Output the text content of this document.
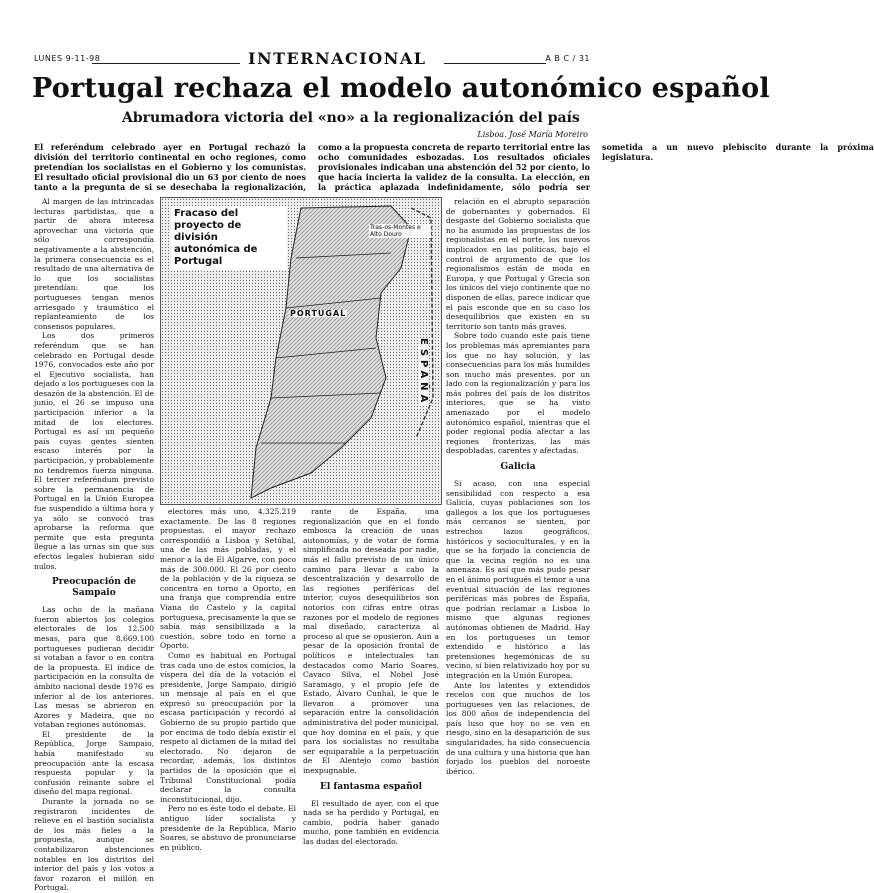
LUNES 9-11-98	INTERNACIONAL	A B C / 31
Portugal rechaza el modelo autonómico español
Abrumadora victoria del «no» a la regionalización del país
Lisboa. José María Moreiro
El referéndum celebrado ayer en Portugal rechazó la división del territorio continental en ocho regiones, como pretendían los socialistas en el Gobierno y los comunistas. El resultado oficial provisional dio un 63 por ciento de noes tanto a la pregunta de si se desechaba la regionalización, como a la propuesta concreta de reparto territorial entre las ocho comunidades esbozadas. Los resultados oficiales provisionales indicaban una abstención del 52 por ciento, lo que hacía incierta la validez de la consulta. La elección, en la práctica aplazada indefinidamente, sólo podría ser sometida a un nuevo plebiscito durante la próxima legislatura.

Al margen de las intrincadas lecturas partidistas, que a partir de ahora interesa aprovechar una victoria que sólo correspondía negativamente a la abstención, la primera consecuencia es el resultado de una alternativa de lo que los socialistas pretendían: que los portugueses tengan menos arriesgado y traumático el replanteamiento de los consensos populares.

Los dos primeros referéndum que se han celebrado en Portugal desde 1976, convocados este año por el Ejecutivo socialista, han dejado a los portugueses con la desazón de la abstención. El de junio, el 26 se impuso una participación inferior a la mitad de los electores. Portugal es así un pequeño país cuyas gentes sienten escaso interés por la participación, y probablemente no tendremos fuerza ninguna. El tercer referéndum previsto sobre la permanencia de Portugal en la Unión Europea fue suspendido a última hora y ya sólo se convocó tras aprobarse la reforma que permite que esta pregunta llegue a las urnas sin que sus efectos legales hubieran sido nulos.

Preocupación de Sampaio

Las ocho de la mañana fueron abiertos los colegios electorales de los 12.500 mesas, para que 8.669.100 portugueses pudieran decidir si votaban a favor o en contra de la propuesta. El índice de participación en la consulta de ámbito nacional desde 1976 es inferior al de los anteriores. Las mesas se abrieron en Azores y Madeira, que no votaban regiones autónomas.

El presidente de la República, Jorge Sampaio, había manifestado su preocupación ante la escasa respuesta popular y la confusión reinante sobre el diseño del mapa regional.

Durante la jornada no se registraron incidentes de relieve en el bastión socialista de los más fieles a la propuesta, aunque se contabilizaron abstenciones notables en los distritos del interior del país y los votos a favor rozaron el millón en Portugal.

Fracaso del proyecto de división autonómica de Portugal
Tras-os-Montes e Alto Douro
PORTUGAL
ESPAÑA

electores más uno, 4.325.219 exactamente. De las 8 regiones propuestas, el mayor rechazo correspondió a Lisboa y Setúbal, una de las más pobladas, y el menor a la de El Algarve, con poco más de 300.000. El 26 por ciento de la población y de la riqueza se concentra en torno a Oporto, en una franja que comprendía entre Viana do Castelo y la capital portuguesa, precisamente la que se sabía más sensibilizada a la cuestión, sobre todo en torno a Oporto.

Como es habitual en Portugal tras cada uno de estos comicios, la víspera del día de la votación el presidente, Jorge Sampaio, dirigió un mensaje al país en el que expresó su preocupación por la escasa participación y recordó al Gobierno de su propio partido que por encima de todo debía existir el respeto al dictamen de la mitad del electorado. No dejaron de recordar, además, los distintos partidos de la oposición que el Tribunal Constitucional podía declarar la consulta inconstitucional, dijo.

Pero no es éste todo el debate. El antiguo líder socialista y presidente de la República, Mario Soares, se abstuvo de pronunciarse en público.

rante de España, una regionalización que en el fondo embosca la creación de unas autonomías, y de votar de forma simplificada no deseada por nadie, más el fallo previsto de un único camino para llevar a cabo la descentralización y desarrollo de las regiones periféricas del interior, cuyos desequilibrios son notorios con cifras entre otras razones por el modelo de regiones mal diseñado, caracteriza al proceso al que se opusieron. Aun a pesar de la oposición frontal de políticos e intelectuales tan destacados como Mario Soares, Cavaco Silva, el Nobel José Saramago, y el propio jefe de Estado, Álvaro Cunhal, le que le llevaron a promover una separación entre la consolidación administrativa del poder municipal, que hoy domina en el país, y que para los socialistas no resultaba ser equiparable a la perpetuación de El Alentejo como bastión inexpugnable.

El fantasma español

El resultado de ayer, con el que nada se ha perdido y Portugal, en cambio, podría haber ganado mucho, pone también en evidencia las dudas del electorado.

relación en el abrupto separación de gobernantes y gobernados. El desgaste del Gobierno socialista que no ha asumido las propuestas de los regionalistas en el norte, los nuevos implicados en las políticas, bajo el control de argumento de que los regionalismos están de moda en Europa, y que Portugal y Grecia son los únicos del viejo continente que no disponen de ellas, parece indicar que el país esconde que en su caso los desequilibrios que existen en su territorio son tanto más graves.

Sobre todo cuando este país tiene los problemas más apremiantes para los que no hay solución, y las consecuencias para los más humildes son mucho más presentes, por un lado con la regionalización y para los más pobres del país de los distritos interiores, que se ha visto amenazado por el modelo autonómico español, mientras que el poder regional podía afectar a las regiones fronterizas, las más despobladas, carentes y afectadas.

Galicia

Si acaso, con una especial sensibilidad con respecto a esa Galicia, cuyas poblaciones son los gallegos a los que los portugueses más cercanos se sienten, por estrechos lazos geográficos, históricos y socioculturales, y en la que se ha forjado la conciencia de que la vecina región no es una amenaza. Es así que más pudo pesar en el ánimo portugués el temor a una eventual situación de las regiones periféricas más pobres de España, que podrían reclamar a Lisboa lo mismo que algunas regiones autónomas obtienen de Madrid. Hay en los portugueses un temor extendido e histórico a las pretensiones hegemónicas de su vecino, si bien relativizado hoy por su integración en la Unión Europea.

Ante los latentes y extendidos recelos con que muchos de los portugueses ven las relaciones, de los 800 años de independencia del país luso que hoy no se ven en riesgo, sino en la desaparición de sus singularidades, ha sido consecuencia de una cultura y una historia que han forjado los pueblos del noroeste ibérico.
